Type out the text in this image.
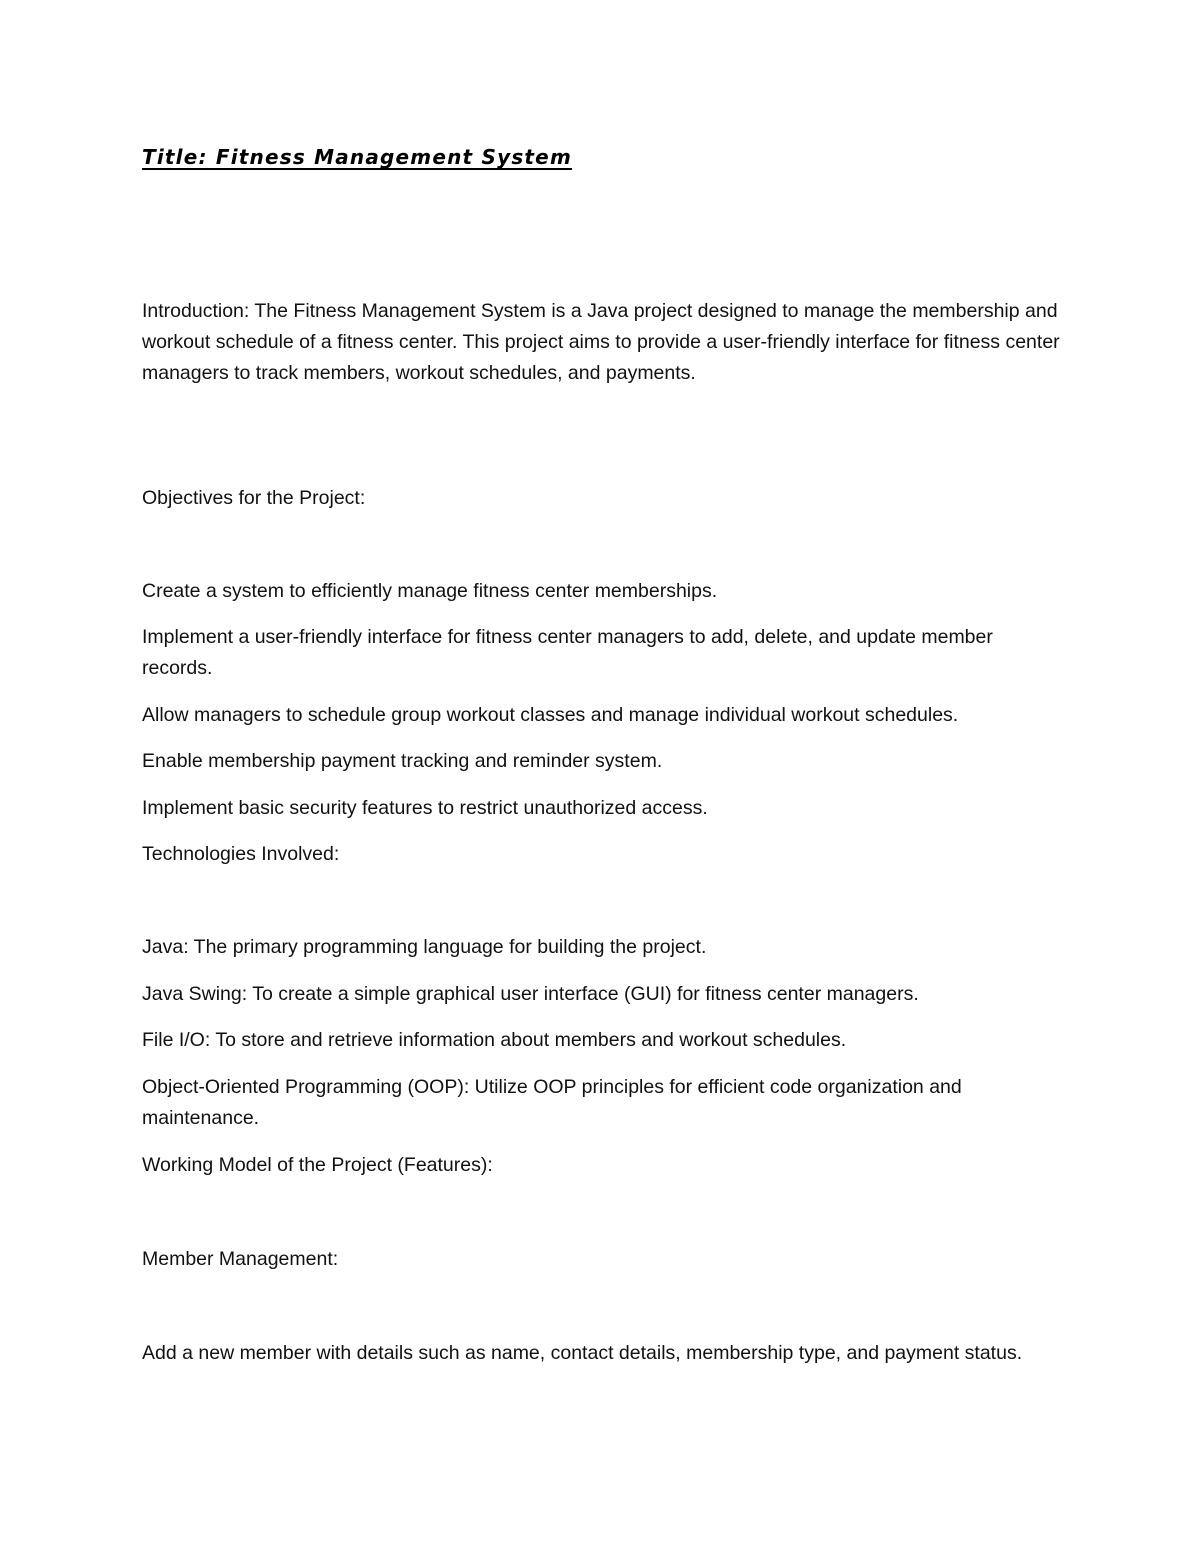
Title: Fitness Management System

Introduction: The Fitness Management System is a Java project designed to manage the membership and workout schedule of a fitness center. This project aims to provide a user-friendly interface for fitness center managers to track members, workout schedules, and payments.

Objectives for the Project:

Create a system to efficiently manage fitness center memberships.

Implement a user-friendly interface for fitness center managers to add, delete, and update member records.

Allow managers to schedule group workout classes and manage individual workout schedules.

Enable membership payment tracking and reminder system.

Implement basic security features to restrict unauthorized access.

Technologies Involved:

Java: The primary programming language for building the project.

Java Swing: To create a simple graphical user interface (GUI) for fitness center managers.

File I/O: To store and retrieve information about members and workout schedules.

Object-Oriented Programming (OOP): Utilize OOP principles for efficient code organization and maintenance.

Working Model of the Project (Features):

Member Management:

Add a new member with details such as name, contact details, membership type, and payment status.
